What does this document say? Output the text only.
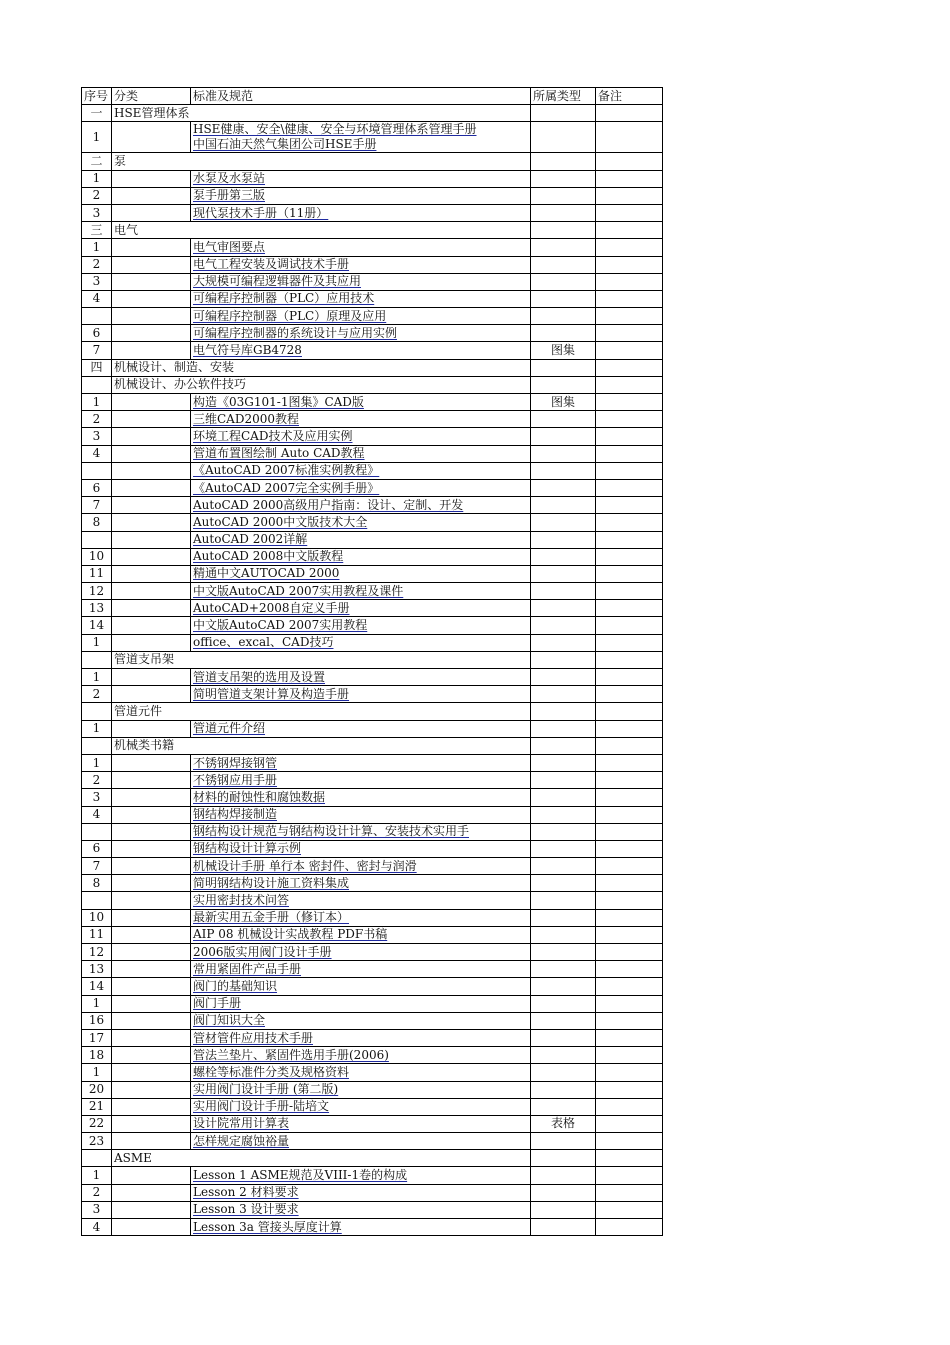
序号	分类	标准及规范	所属类型	备注
一	HSE管理体系			
1		HSE健康、安全\健康、安全与环境管理体系管理手册
中国石油天然气集团公司HSE手册		

二	泵			
1		水泵及水泵站		
2		泵手册第三版		
3		现代泵技术手册（11册）		
三	电气			
1		电气审图要点		
2		电气工程安装及调试技术手册		
3		大规模可编程逻辑器件及其应用		
4		可编程序控制器（PLC）应用技术		
		可编程序控制器（PLC）原理及应用		
6		可编程序控制器的系统设计与应用实例		
7		电气符号库GB4728	图集	
四	机械设计、制造、安装			
	机械设计、办公软件技巧			
1		构造《03G101-1图集》CAD版	图集	
2		三维CAD2000教程		
3		环境工程CAD技术及应用实例		
4		管道布置图绘制 Auto CAD教程		
		《AutoCAD 2007标准实例教程》		
6		《AutoCAD 2007完全实例手册》		
7		AutoCAD 2000高级用户指南：设计、定制、开发		
8		AutoCAD 2000中文版技术大全		
		AutoCAD 2002详解		
10		AutoCAD 2008中文版教程		
11		精通中文AUTOCAD 2000		
12		中文版AutoCAD 2007实用教程及课件		
13		AutoCAD+2008自定义手册		
14		中文版AutoCAD 2007实用教程		
1		office、excal、CAD技巧		
	管道支吊架			
1		管道支吊架的选用及设置		
2		简明管道支架计算及构造手册		
	管道元件			
1		管道元件介绍		
	机械类书籍			
1		不锈钢焊接钢管		
2		不锈钢应用手册		
3		材料的耐蚀性和腐蚀数据		
4		钢结构焊接制造		
		钢结构设计规范与钢结构设计计算、安装技术实用手		
6		钢结构设计计算示例		
7		机械设计手册 单行本 密封件、密封与润滑		
8		简明钢结构设计施工资料集成		
		实用密封技术问答		
10		最新实用五金手册（修订本）		
11		AIP 08 机械设计实战教程 PDF书稿		
12		2006版实用阀门设计手册		
13		常用紧固件产品手册		
14		阀门的基础知识		
1		阀门手册		
16		阀门知识大全		
17		管材管件应用技术手册		
18		管法兰垫片、紧固件选用手册(2006)		
1		螺栓等标准件分类及规格资料		
20		实用阀门设计手册 (第二版)		
21		实用阀门设计手册-陆培文		
22		设计院常用计算表	表格	
23		怎样规定腐蚀裕量		
	ASME			
1		Lesson 1 ASME规范及VIII-1卷的构成		
2		Lesson 2 材料要求		
3		Lesson 3 设计要求		
4		Lesson 3a 管接头厚度计算		
